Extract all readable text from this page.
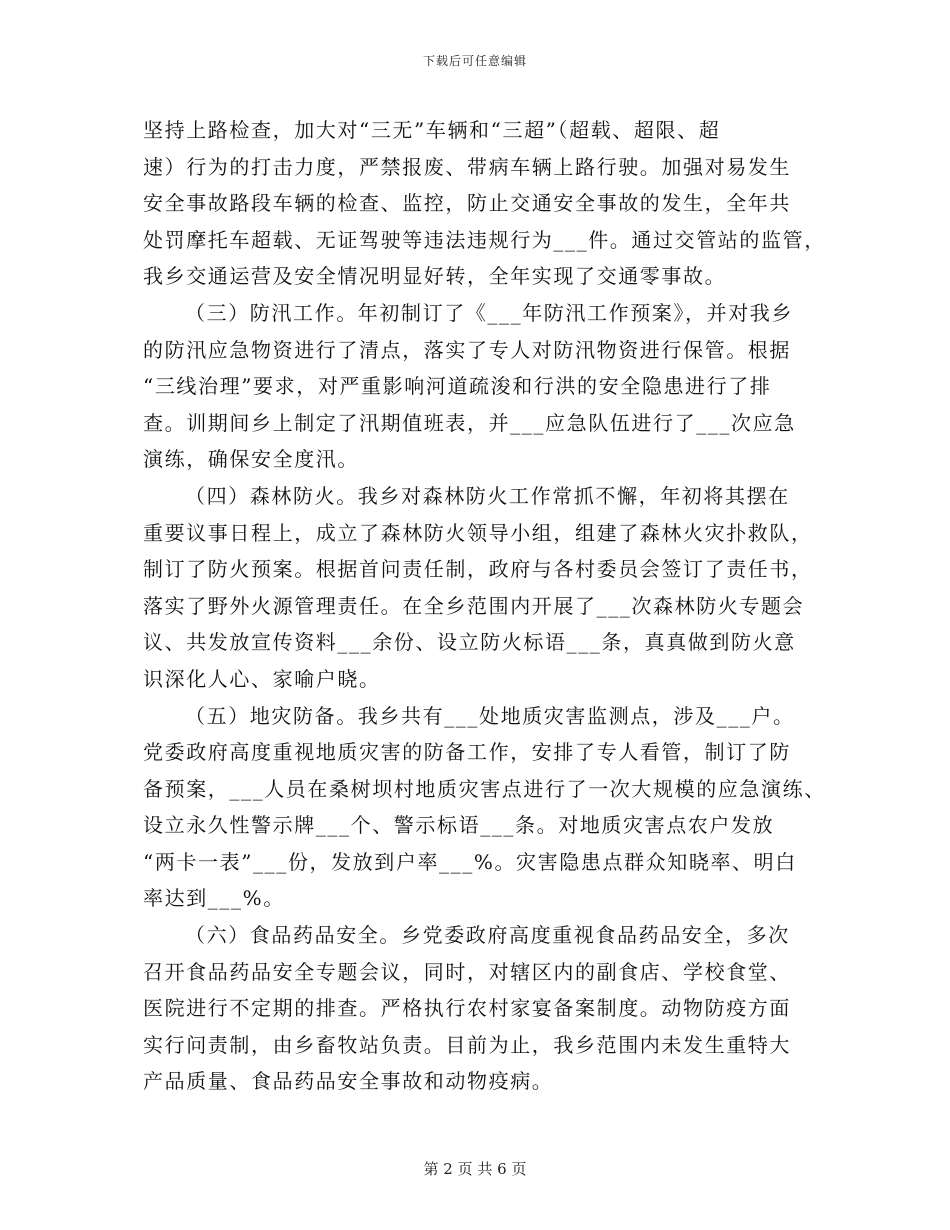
下载后可任意编辑
坚持上路检查，加大对“三无”车辆和“三超”（超载、超限、超
速）行为的打击力度，严禁报废、带病车辆上路行驶。加强对易发生
安全事故路段车辆的检查、监控，防止交通安全事故的发生，全年共
处罚摩托车超载、无证驾驶等违法违规行为___件。通过交管站的监管，
我乡交通运营及安全情况明显好转，全年实现了交通零事故。
（三）防汛工作。年初制订了《___年防汛工作预案》，并对我乡
的防汛应急物资进行了清点，落实了专人对防汛物资进行保管。根据
“三线治理”要求，对严重影响河道疏浚和行洪的安全隐患进行了排
查。训期间乡上制定了汛期值班表，并___应急队伍进行了___次应急
演练，确保安全度汛。
（四）森林防火。我乡对森林防火工作常抓不懈，年初将其摆在
重要议事日程上，成立了森林防火领导小组，组建了森林火灾扑救队，
制订了防火预案。根据首问责任制，政府与各村委员会签订了责任书，
落实了野外火源管理责任。在全乡范围内开展了___次森林防火专题会
议、共发放宣传资料___余份、设立防火标语___条，真真做到防火意
识深化人心、家喻户晓。
（五）地灾防备。我乡共有___处地质灾害监测点，涉及___户。
党委政府高度重视地质灾害的防备工作，安排了专人看管，制订了防
备预案，___人员在桑树坝村地质灾害点进行了一次大规模的应急演练、
设立永久性警示牌___个、警示标语___条。对地质灾害点农户发放
“两卡一表”___份，发放到户率___%。灾害隐患点群众知晓率、明白
率达到___%。
（六）食品药品安全。乡党委政府高度重视食品药品安全，多次
召开食品药品安全专题会议，同时，对辖区内的副食店、学校食堂、
医院进行不定期的排查。严格执行农村家宴备案制度。动物防疫方面
实行问责制，由乡畜牧站负责。目前为止，我乡范围内未发生重特大
产品质量、食品药品安全事故和动物疫病。
第 2 页 共 6 页
